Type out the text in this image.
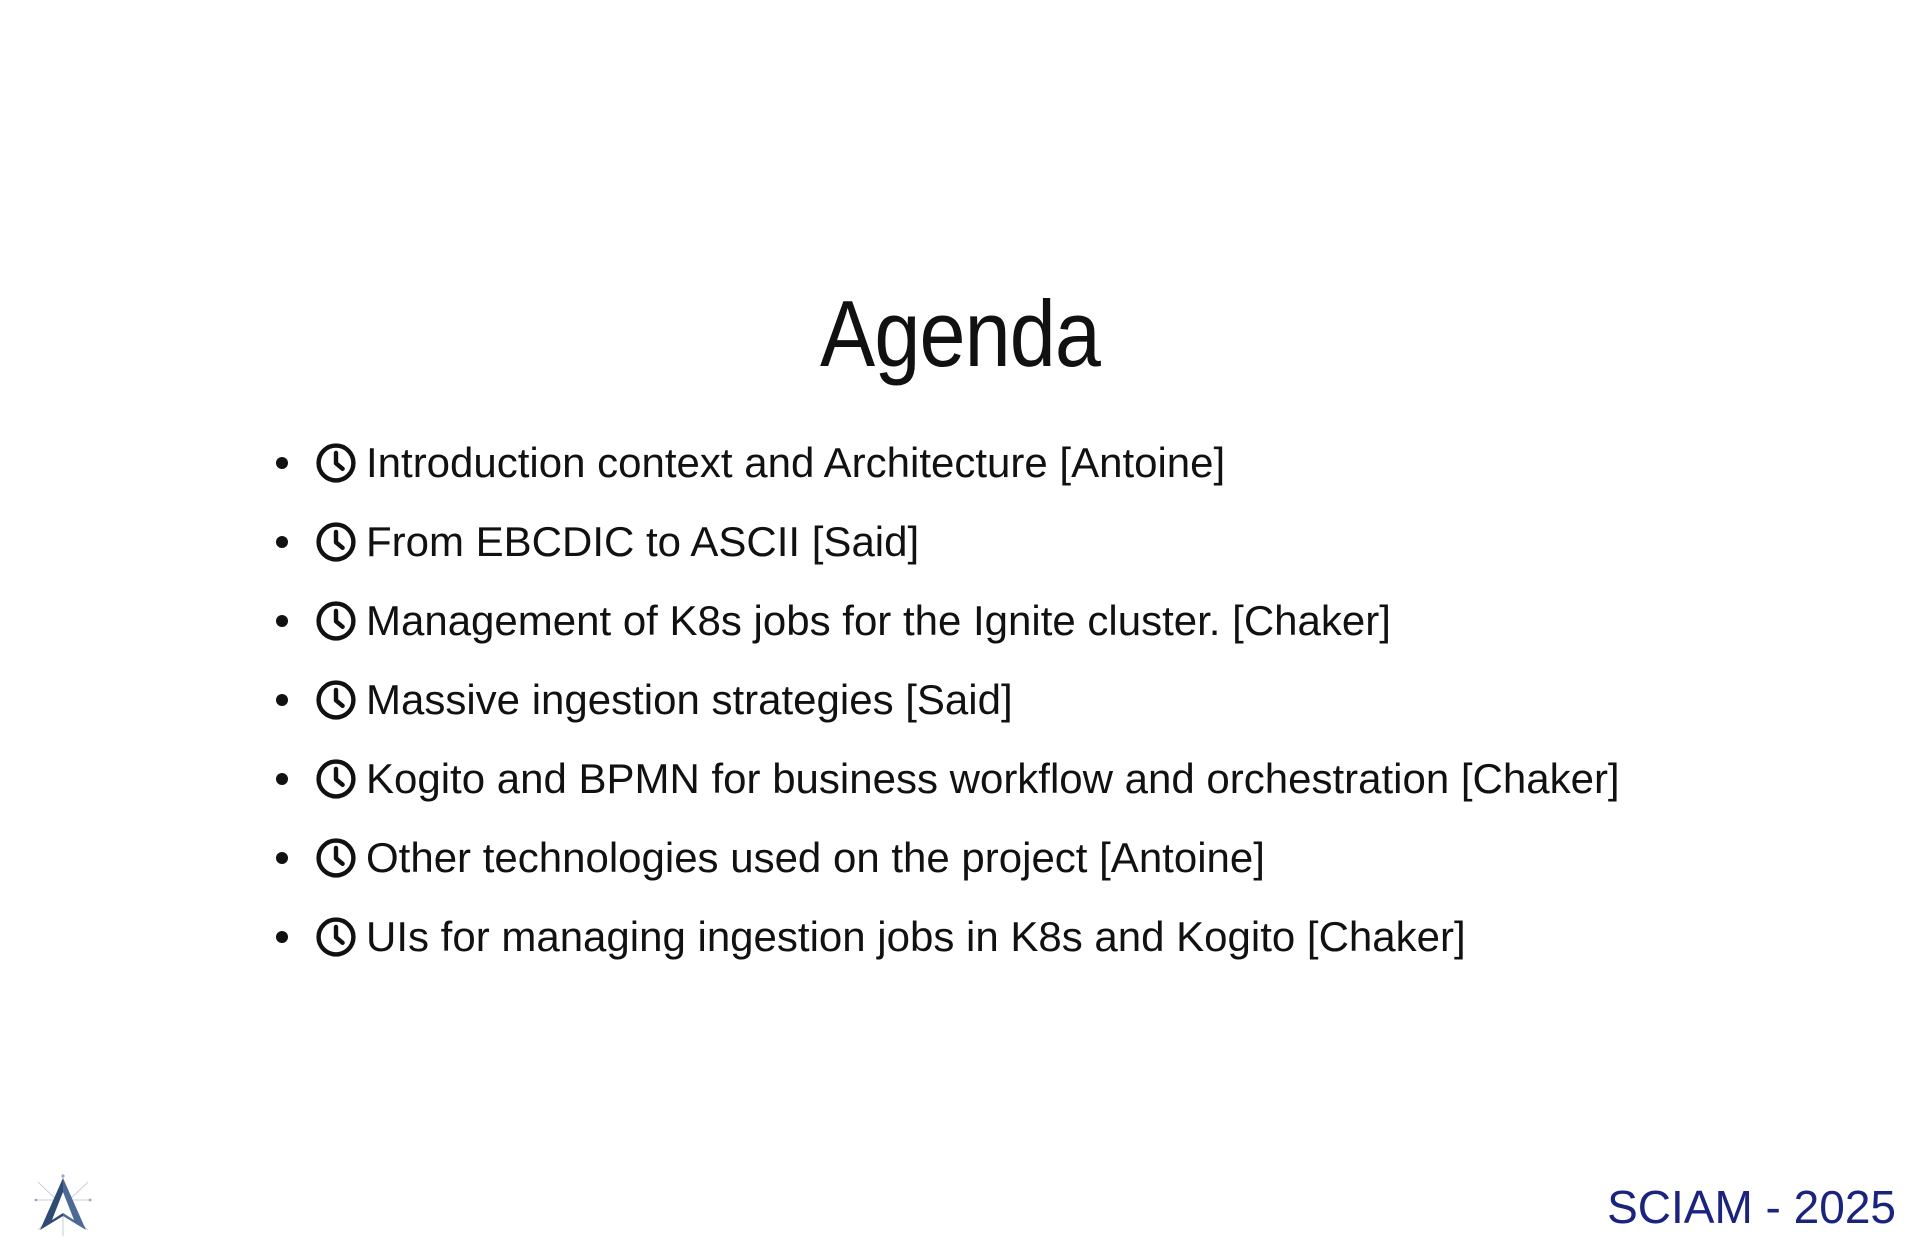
Agenda
Introduction context and Architecture [Antoine]
From EBCDIC to ASCII [Said]
Management of K8s jobs for the Ignite cluster. [Chaker]
Massive ingestion strategies [Said]
Kogito and BPMN for business workflow and orchestration [Chaker]
Other technologies used on the project [Antoine]
UIs for managing ingestion jobs in K8s and Kogito [Chaker]
SCIAM - 2025
